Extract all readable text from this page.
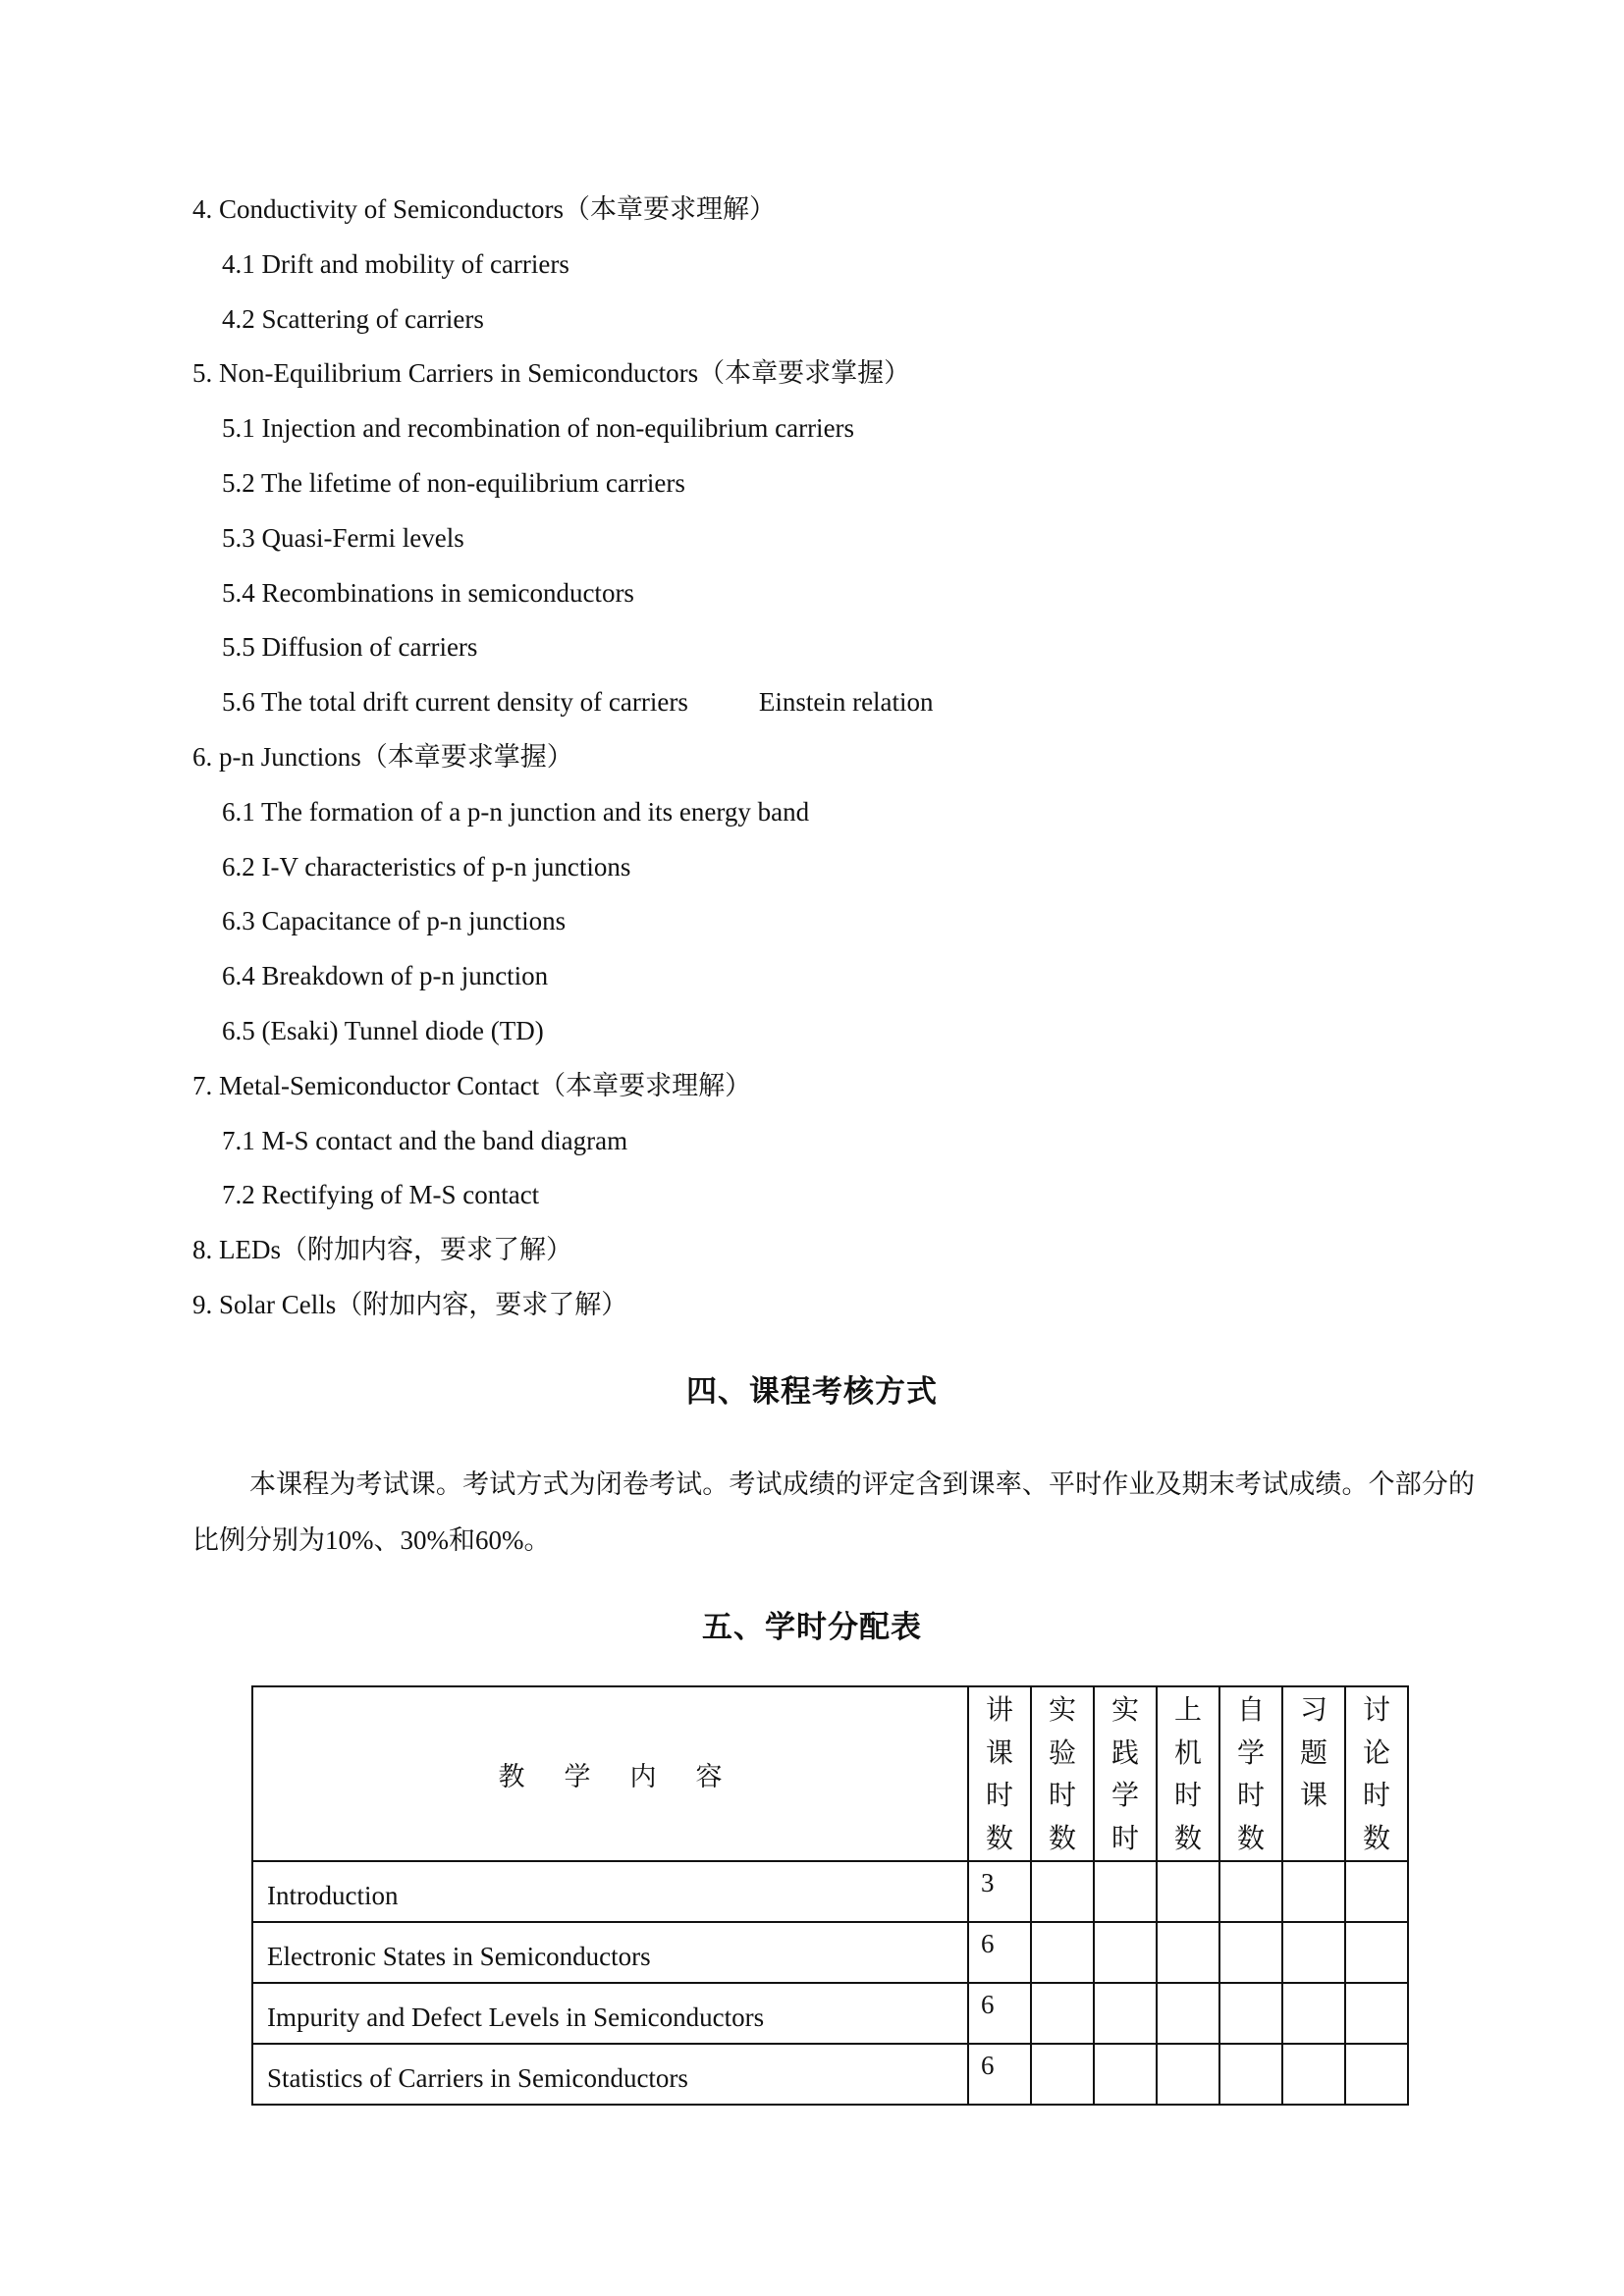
4. Conductivity of Semiconductors（本章要求理解）
4.1 Drift and mobility of carriers
4.2 Scattering of carriers
5. Non-Equilibrium Carriers in Semiconductors（本章要求掌握）
5.1 Injection and recombination of non-equilibrium carriers
5.2 The lifetime of non-equilibrium carriers
5.3 Quasi-Fermi levels
5.4 Recombinations in semiconductors
5.5 Diffusion of carriers
5.6 The total drift current density of carriers	Einstein relation
6. p-n Junctions（本章要求掌握）
6.1 The formation of a p-n junction and its energy band
6.2 I-V characteristics of p-n junctions
6.3 Capacitance of p-n junctions
6.4 Breakdown of p-n junction
6.5 (Esaki) Tunnel diode (TD)
7. Metal-Semiconductor Contact（本章要求理解）
7.1 M-S contact and the band diagram
7.2 Rectifying of M-S contact
8. LEDs（附加内容，要求了解）
9. Solar Cells（附加内容，要求了解）
四、课程考核方式
本课程为考试课。考试方式为闭卷考试。考试成绩的评定含到课率、平时作业及期末考试成绩。个部分的比例分别为10%、30%和60%。
五、学时分配表
教学内容	讲
课
时
数	实
验
时
数	实
践
学
时	上
机
时
数	自
学
时
数	习
题
课	讨
论
时
数

Introduction	3						
Electronic States in Semiconductors	6						
Impurity and Defect Levels in Semiconductors	6						
Statistics of Carriers in Semiconductors	6						
